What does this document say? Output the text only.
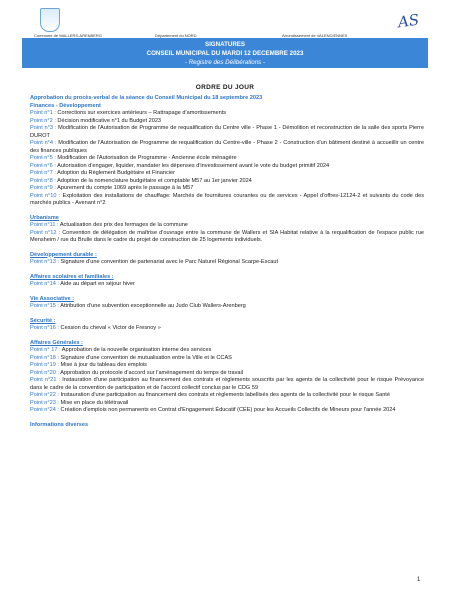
Commune de WALLERS-ARENBERG	Département du NORD	Arrondissement de VALENCIENNES
AS
SIGNATURES
CONSEIL MUNICIPAL DU MARDI 12 DECEMBRE 2023
- Registre des Délibérations -
ORDRE DU JOUR
Approbation du procès-verbal de la séance du Conseil Municipal du 18 septembre 2023
Finances - Développement
Point n°1 : Corrections sur exercices antérieurs – Rattrapage d'amortissements
Point n°2 : Décision modificative n°1 du Budget 2023
Point n°3 : Modification de l'Autorisation de Programme de requalification du Centre ville - Phase 1 - Démolition et reconstruction de la salle des sports Pierre DUROT
Point n°4 : Modification de l'Autorisation de Programme de requalification du Centre-ville - Phase 2 - Construction d'un bâtiment destiné à accueillir un centre des finances publiques
Point n°5 : Modification de l'Autorisation de Programme - Ancienne école ménagère
Point n°6 : Autorisation d'engager, liquider, mandater les dépenses d'investissement avant le vote du budget primitif 2024
Point n°7 : Adoption du Règlement Budgétaire et Financier
Point n°8 : Adoption de la nomenclature budgétaire et comptable M57 au 1er janvier 2024
Point n°9 : Apurement du compte 1069 après le passage à la M57
Point n°10 : Exploitation des installations de chauffage: Marchés de fournitures courantes ou de services - Appel d'offres-12124-2 et suivants du code des marchés publics - Avenant n°2
Urbanisme
Point n°11 : Actualisation des prix des fermages de la commune
Point n°12 : Convention de délégation de maîtrise d'ouvrage entre la commune de Wallers et SIA Habitat relative à la requalification de l'espace public rue Mensheim / rue du Brulle dans le cadre du projet de construction de 25 logements individuels.
Développement durable :
Point n°13 : Signature d'une convention de partenariat avec le Parc Naturel Régional Scarpe-Escaut
Affaires scolaires et familiales :
Point n°14 : Aide au départ en séjour hiver
Vie Associative :
Point n°15 : Attribution d'une subvention exceptionnelle au Judo Club Wallers-Arenberg
Sécurité :
Point n°16 : Cession du cheval « Victor de Fresnoy »
Affaires Générales :
Point n° 17 : Approbation de la nouvelle organisation interne des services
Point n°18 : Signature d'une convention de mutualisation entre la Ville et le CCAS
Point n°19 : Mise à jour du tableau des emplois
Point n°20 : Approbation du protocole d'accord sur l'aménagement du temps de travail
Point n°21 : Instauration d'une participation au financement des contrats et règlements souscrits par les agents de la collectivité pour le risque Prévoyance dans le cadre de la convention de participation et de l'accord collectif conclus par le CDG 59
Point n°22 : Instauration d'une participation au financement des contrats et règlements labellisés des agents de la collectivité pour le risque Santé
Point n°23 : Mise en place du télétravail
Point n°24 : Création d'emplois non permanents en Contrat d'Engagement Éducatif (CEE) pour les Accueils Collectifs de Mineurs pour l'année 2024
Informations diverses
1
